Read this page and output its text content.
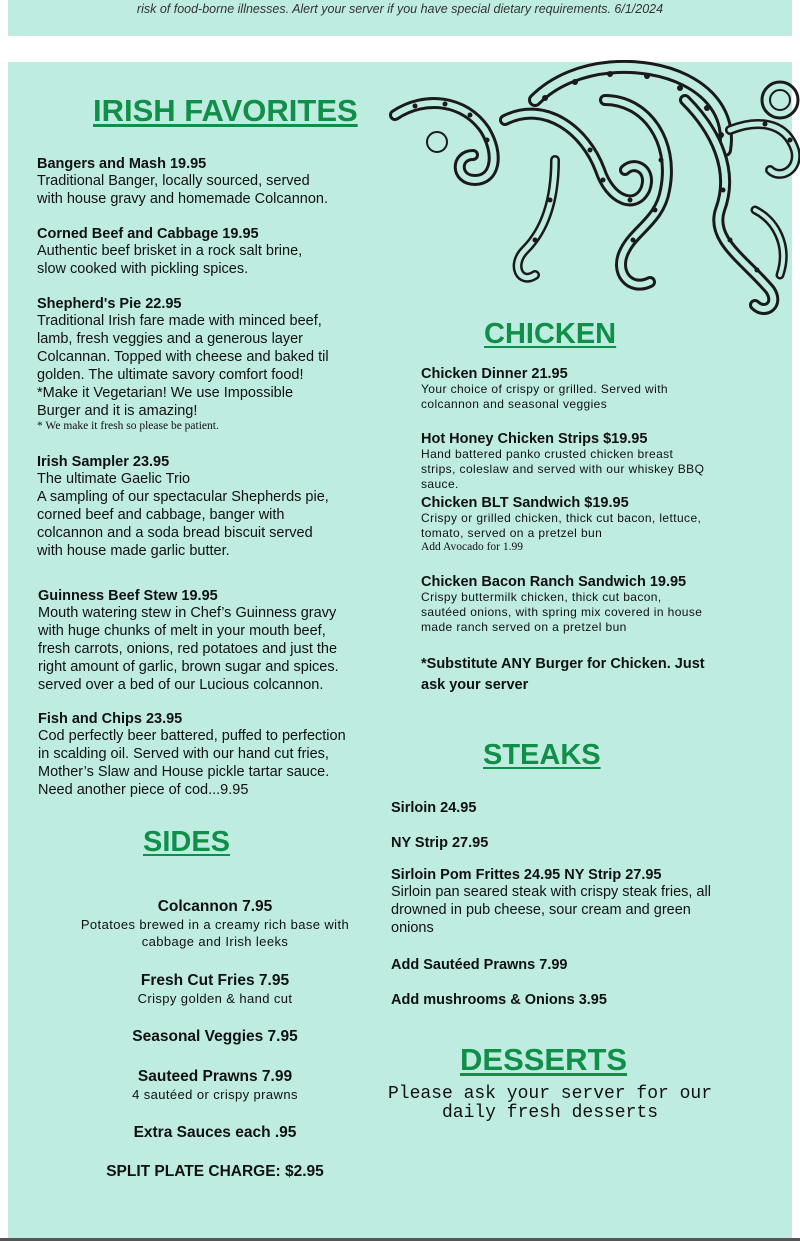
risk of food-borne illnesses. Alert your server if you have special dietary requirements. 6/1/2024
IRISH FAVORITES
Bangers and Mash 19.95
Traditional Banger, locally sourced, served
with house gravy and homemade Colcannon.
Corned Beef and Cabbage 19.95
Authentic beef brisket in a rock salt brine,
slow cooked with pickling spices.
Shepherd's Pie 22.95
Traditional Irish fare made with minced beef,
lamb, fresh veggies and a generous layer
Colcannan. Topped with cheese and baked til
golden. The ultimate savory comfort food!
*Make it Vegetarian! We use Impossible
Burger and it is amazing!
* We make it fresh so please be patient.
Irish Sampler 23.95
The ultimate Gaelic Trio
A sampling of our spectacular Shepherds pie,
corned beef and cabbage, banger with
colcannon and a soda bread biscuit served
with house made garlic butter.
Guinness Beef Stew 19.95
Mouth watering stew in Chef’s Guinness gravy
with huge chunks of melt in your mouth beef,
fresh carrots, onions, red potatoes and just the
right amount of garlic, brown sugar and spices.
served over a bed of our Lucious colcannon.
Fish and Chips 23.95
Cod perfectly beer battered, puffed to perfection
in scalding oil. Served with our hand cut fries,
Mother’s Slaw and House pickle tartar sauce.
Need another piece of cod...9.95
CHICKEN
Chicken Dinner 21.95
Your choice of crispy or grilled. Served with
colcannon and seasonal veggies
Hot Honey Chicken Strips $19.95
Hand battered panko crusted chicken breast
strips, coleslaw and served with our whiskey BBQ
sauce.
Chicken BLT Sandwich $19.95
Crispy or grilled chicken, thick cut bacon, lettuce,
tomato, served on a pretzel bun
Add Avocado for 1.99
Chicken Bacon Ranch Sandwich 19.95
Crispy buttermilk chicken, thick cut bacon,
sautéed onions, with spring mix covered in house
made ranch served on a pretzel bun
*Substitute ANY Burger for Chicken. Just
ask your server
STEAKS
Sirloin 24.95
NY Strip 27.95
Sirloin Pom Frittes 24.95 NY Strip 27.95
Sirloin pan seared steak with crispy steak fries, all
drowned in pub cheese, sour cream and green
onions
Add Sautéed Prawns 7.99
Add mushrooms & Onions 3.95
SIDES
Colcannon 7.95
Potatoes brewed in a creamy rich base with
cabbage and Irish leeks
Fresh Cut Fries 7.95
Crispy golden & hand cut
Seasonal Veggies 7.95
Sauteed Prawns 7.99
4 sautéed or crispy prawns
Extra Sauces each .95
SPLIT PLATE CHARGE: $2.95
DESSERTS
Please ask your server for our
daily fresh desserts
